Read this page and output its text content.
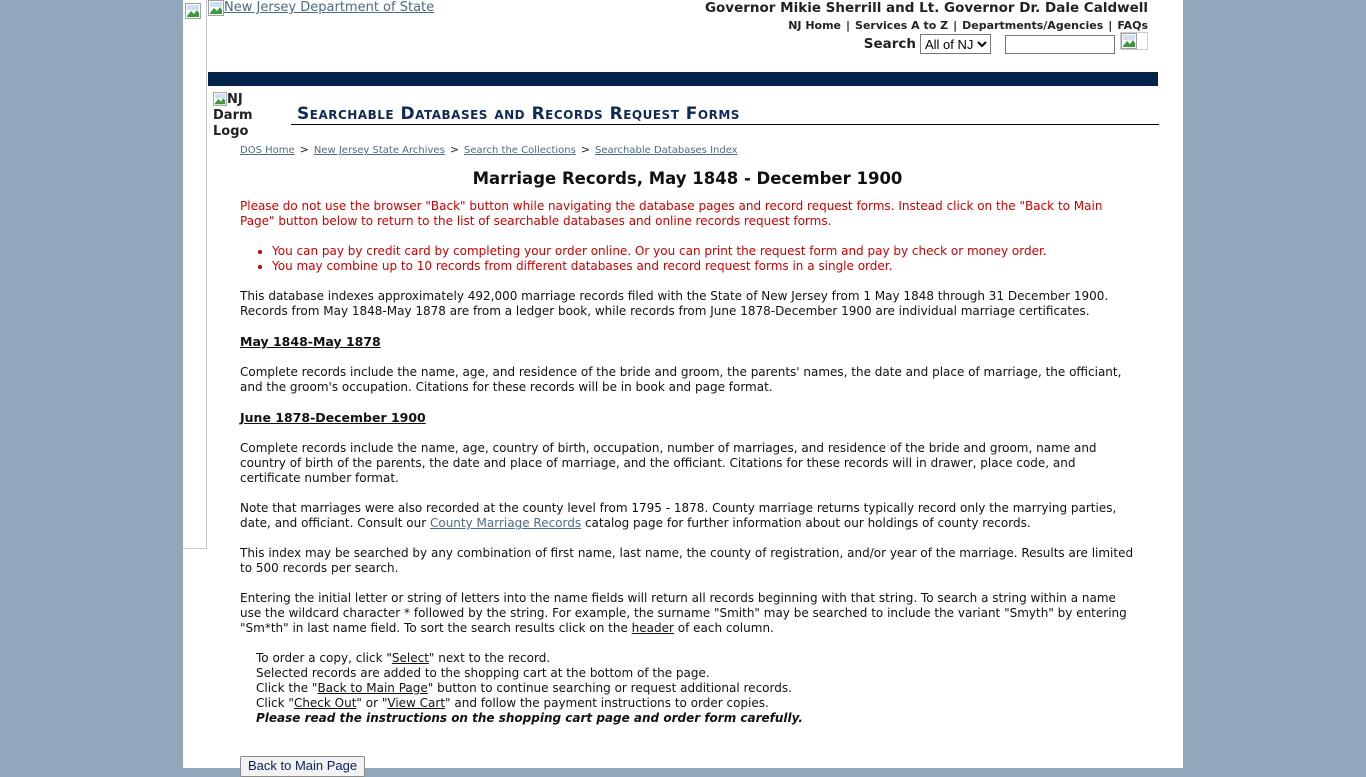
New Jersey Department of State	Governor Mikie Sherrill and Lt. Governor Dr. Dale Caldwell
NJ Home | Services A to Z | Departments/Agencies | FAQs
Search
All of NJ
NJ Darm Logo
Searchable Databases and Records Request Forms
DOS Home > New Jersey State Archives > Search the Collections > Searchable Databases Index
Marriage Records, May 1848 - December 1900

Please do not use the browser "Back" button while navigating the database pages and record request forms. Instead click on the "Back to Main Page" button below to return to the list of searchable databases and online records request forms.

• You can pay by credit card by completing your order online. Or you can print the request form and pay by check or money order.
• You may combine up to 10 records from different databases and record request forms in a single order.

This database indexes approximately 492,000 marriage records filed with the State of New Jersey from 1 May 1848 through 31 December 1900. Records from May 1848-May 1878 are from a ledger book, while records from June 1878-December 1900 are individual marriage certificates.

May 1848-May 1878

Complete records include the name, age, and residence of the bride and groom, the parents' names, the date and place of marriage, the officiant, and the groom's occupation. Citations for these records will be in book and page format.

June 1878-December 1900

Complete records include the name, age, country of birth, occupation, number of marriages, and residence of the bride and groom, name and country of birth of the parents, the date and place of marriage, and the officiant. Citations for these records will in drawer, place code, and certificate number format.

Note that marriages were also recorded at the county level from 1795 - 1878. County marriage returns typically record only the marrying parties, date, and officiant. Consult our County Marriage Records catalog page for further information about our holdings of county records.

This index may be searched by any combination of first name, last name, the county of registration, and/or year of the marriage. Results are limited to 500 records per search.

Entering the initial letter or string of letters into the name fields will return all records beginning with that string. To search a string within a name use the wildcard character * followed by the string. For example, the surname "Smith" may be searched to include the variant "Smyth" by entering "Sm*th" in last name field. To sort the search results click on the header of each column.

To order a copy, click "Select" next to the record.
Selected records are added to the shopping cart at the bottom of the page.
Click the "Back to Main Page" button to continue searching or request additional records.
Click "Check Out" or "View Cart" and follow the payment instructions to order copies.
Please read the instructions on the shopping cart page and order form carefully.
Back to Main Page
